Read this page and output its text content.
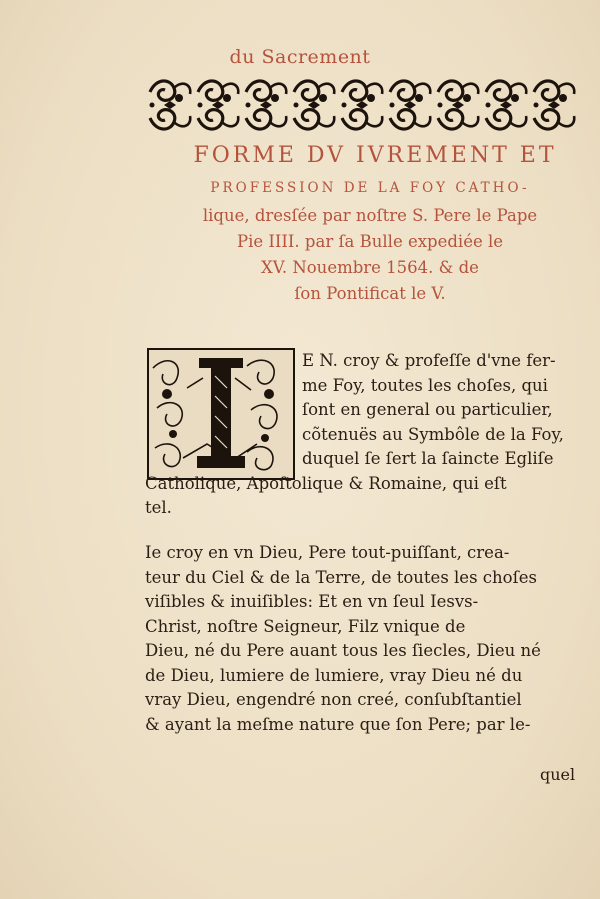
du Sacrement
FORME DV IVREMENT ET
PROFESSION DE LA FOY CATHO-
lique, dresſée par noſtre S. Pere le Pape
Pie IIII. par ſa Bulle expediée le
XV. Nouembre 1564. & de
ſon Pontificat le V.
E N. croy & profeſſe d'vne fer-
me Foy, toutes les choſes, qui
ſont en general ou particulier,
cõtenuës au Symbôle de la Foy,
duquel ſe ſert la ſaincte Egliſe
Catholique, Apoſtolique & Romaine, qui eſt
tel.
Ie croy en vn Dieu, Pere tout-puiſſant, crea-
teur du Ciel & de la Terre, de toutes les choſes
viſibles & inuiſibles: Et en vn ſeul Iesvs-
Christ, noſtre Seigneur, Filz vnique de
Dieu, né du Pere auant tous les ſiecles, Dieu né
de Dieu, lumiere de lumiere, vray Dieu né du
vray Dieu, engendré non creé, conſubſtantiel
& ayant la meſme nature que ſon Pere; par le-
quel
